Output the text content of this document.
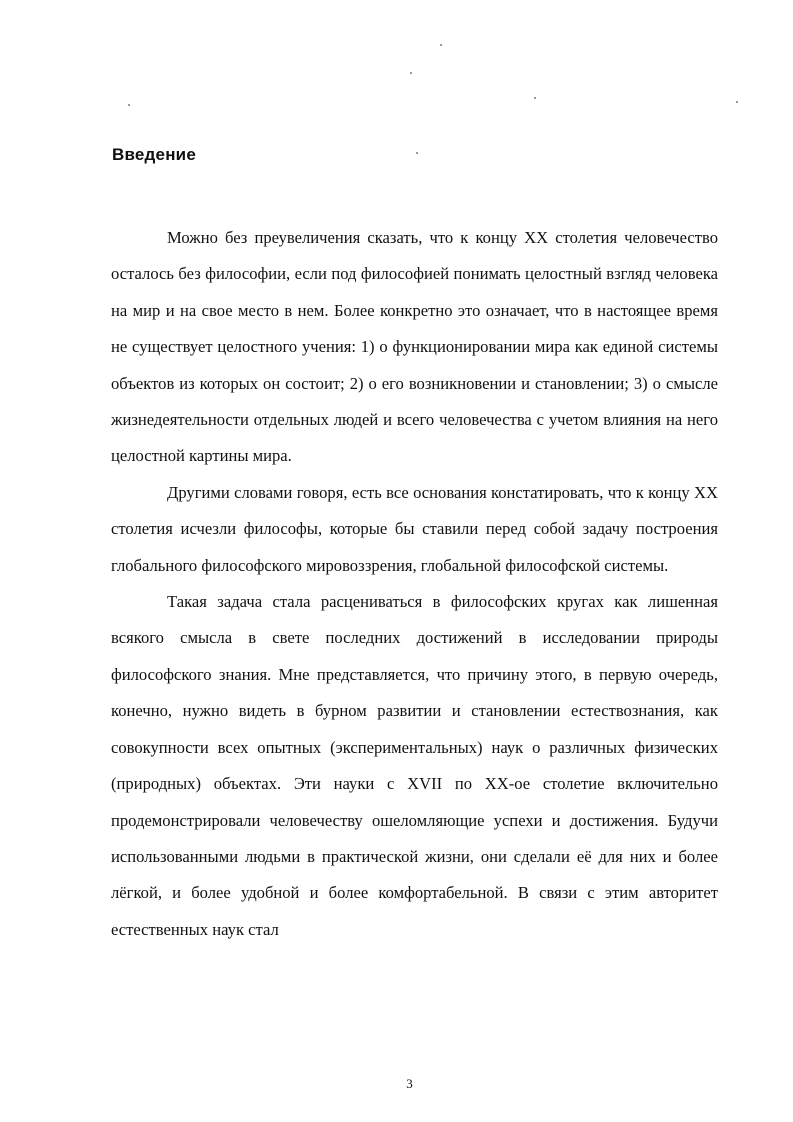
Введение

Можно без преувеличения сказать, что к концу XX столетия человечество осталось без философии, если под философией понимать целостный взгляд человека на мир и на свое место в нем. Более конкретно это означает, что в настоящее время не существует целостного учения: 1) о функционировании мира как единой системы объектов из которых он состоит; 2) о его возникновении и становлении; 3) о смысле жизнедеятельности отдельных людей и всего человечества с учетом влияния на него целостной картины мира.

Другими словами говоря, есть все основания констатировать, что к концу XX столетия исчезли философы, которые бы ставили перед собой задачу построения глобального философского мировоззрения, глобальной философской системы.

Такая задача стала расцениваться в философских кругах как лишенная всякого смысла в свете последних достижений в исследовании природы философского знания. Мне представляется, что причину этого, в первую очередь, конечно, нужно видеть в бурном развитии и становлении естествознания, как совокупности всех опытных (экспериментальных) наук о различных физических (природных) объектах. Эти науки с XVII по XX-ое столетие включительно продемонстрировали человечеству ошеломляющие успехи и достижения. Будучи использованными людьми в практической жизни, они сделали её для них и более лёгкой, и более удобной и более комфортабельной. В связи с этим авторитет естественных наук стал

3
